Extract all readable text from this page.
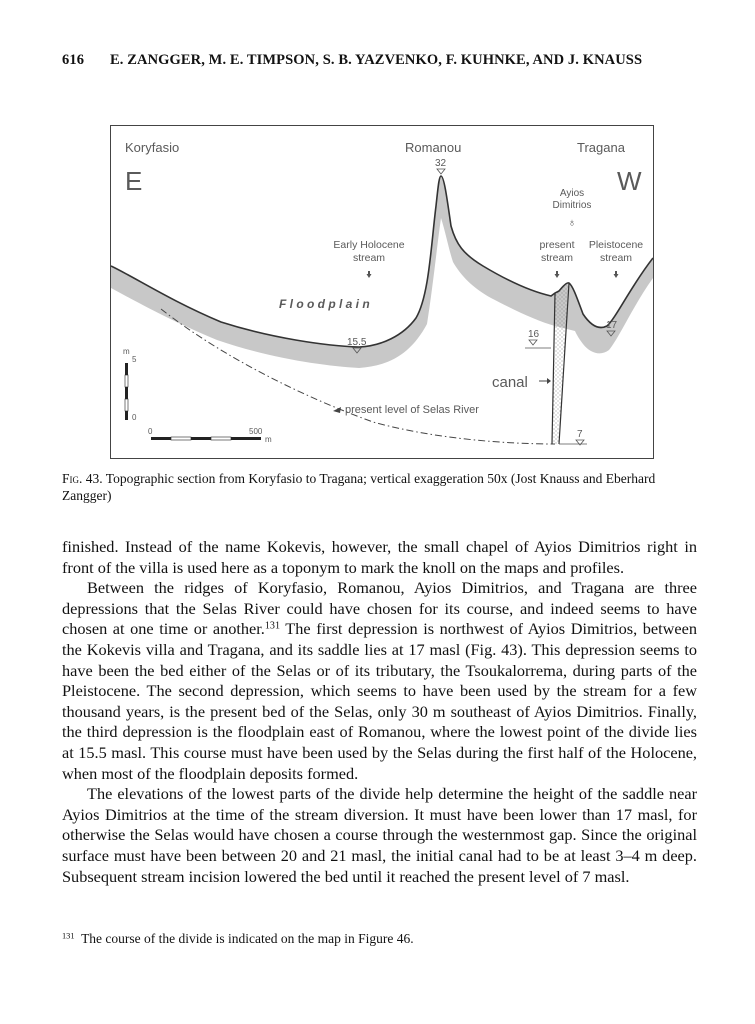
616 E. ZANGGER, M. E. TIMPSON, S. B. YAZVENKO, F. KUHNKE, AND J. KNAUSS
Koryfasio	Romanou	Tragana
E	W
32
Ayios
Dimitrios
♁
Early Holocene
stream
present
stream
Pleistocene
stream
F l o o d p l a i n
15.5
16
17
7
canal
present level of Selas River
m
5
0
0	500
m
Fig. 43. Topographic section from Koryfasio to Tragana; vertical exaggeration 50x (Jost Knauss and Eberhard Zangger)

finished. Instead of the name Kokevis, however, the small chapel of Ayios Dimitrios right in front of the villa is used here as a toponym to mark the knoll on the maps and profiles.

Between the ridges of Koryfasio, Romanou, Ayios Dimitrios, and Tragana are three depressions that the Selas River could have chosen for its course, and indeed seems to have chosen at one time or another.$^{131}$ The first depression is northwest of Ayios Dimitrios, between the Kokevis villa and Tragana, and its saddle lies at 17 masl (Fig. 43). This depression seems to have been the bed either of the Selas or of its tributary, the Tsoukalorrema, during parts of the Pleistocene. The second depression, which seems to have been used by the stream for a few thousand years, is the present bed of the Selas, only 30 m southeast of Ayios Dimitrios. Finally, the third depression is the floodplain east of Romanou, where the lowest point of the divide lies at 15.5 masl. This course must have been used by the Selas during the first half of the Holocene, when most of the floodplain deposits formed.

The elevations of the lowest parts of the divide help determine the height of the saddle near Ayios Dimitrios at the time of the stream diversion. It must have been lower than 17 masl, for otherwise the Selas would have chosen a course through the westernmost gap. Since the original surface must have been between 20 and 21 masl, the initial canal had to be at least 3–4 m deep. Subsequent stream incision lowered the bed until it reached the present level of 7 masl.

$^{131}$ The course of the divide is indicated on the map in Figure 46.
